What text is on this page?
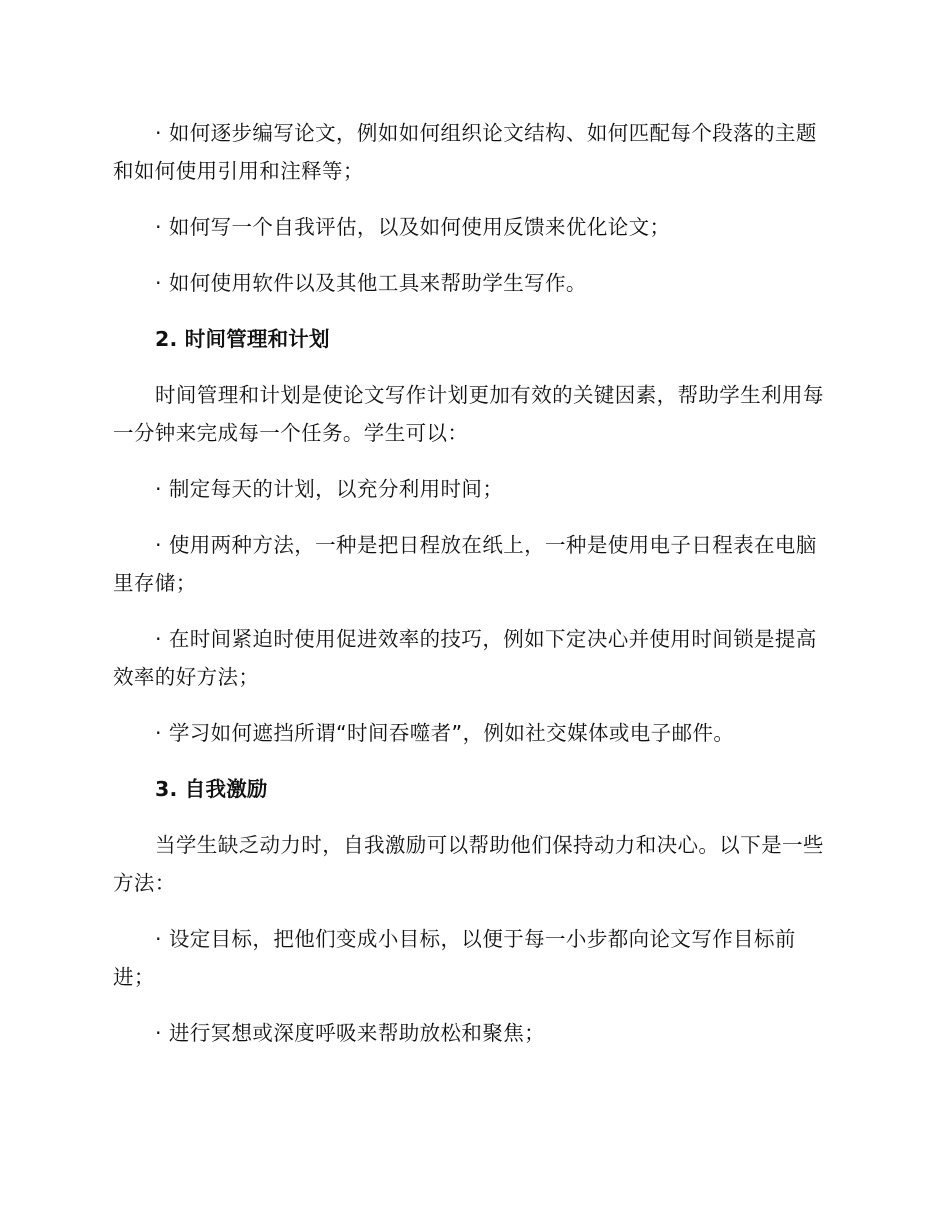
· 如何逐步编写论文，例如如何组织论文结构、如何匹配每个段落的主题和如何使用引用和注释等；

· 如何写一个自我评估，以及如何使用反馈来优化论文；

· 如何使用软件以及其他工具来帮助学生写作。

2. 时间管理和计划

时间管理和计划是使论文写作计划更加有效的关键因素，帮助学生利用每一分钟来完成每一个任务。学生可以：

· 制定每天的计划，以充分利用时间；

· 使用两种方法，一种是把日程放在纸上，一种是使用电子日程表在电脑里存储；

· 在时间紧迫时使用促进效率的技巧，例如下定决心并使用时间锁是提高效率的好方法；

· 学习如何遮挡所谓“时间吞噬者”，例如社交媒体或电子邮件。

3. 自我激励

当学生缺乏动力时，自我激励可以帮助他们保持动力和决心。以下是一些方法：

· 设定目标，把他们变成小目标，以便于每一小步都向论文写作目标前进；

· 进行冥想或深度呼吸来帮助放松和聚焦；
